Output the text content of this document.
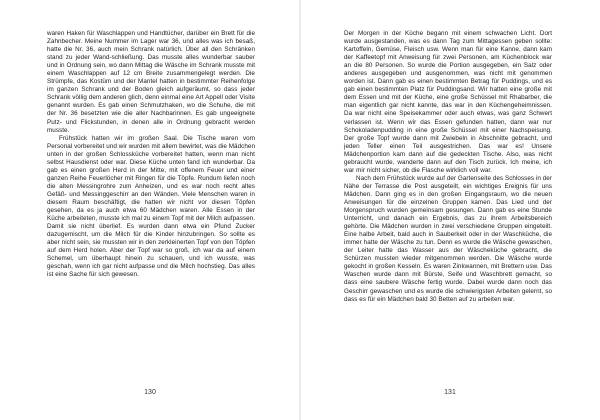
waren Haken für Waschlappen und Handtücher, darüber ein Brett für die Zahnbecher. Meine Nummer im Lager war 36, und alles was ich besaß, hatte die Nr. 36, auch mein Schrank natürlich. Über all den Schränken stand zu jeder Wand-schließung. Das musste alles wunderbar sauber und in Ordnung sein, wo dann Mittag die Wäsche im Schrank musste mit einem Waschlappen auf 12 cm Breite zusammengelegt werden. Die Strümpfe, das Kostüm und der Mantel hatten in bestimmter Reihenfolge im ganzen Schrank und der Boden gleich aufgeräumt, so dass jeder Schrank völlig dem anderen glich, denn einmal eine Art Appell oder Visite genannt wurden. Es gab einen Schmutzhaken, wo die Schuhe, die mit der Nr. 36 besetzten wie die aller Nachbarinnen. Es gab ungeeignete Putz- und Flickstunden, in denen alle in Ordnung gebracht werden musste.

Frühstück hatten wir im großen Saal. Die Tische waren vom Personal vorbereitet und wir wurden mit allem bewirtet, was die Mädchen unten in der großen Schlossküche vorbereitet hatten, wenn man nicht selbst Hausdienst oder war. Diese Küche unten fand ich wunderbar. Da gab es einen großen Herd in der Mitte, mit offenem Feuer und einer ganzen Reihe Feuerlöcher mit Ringen für die Töpfe. Rundum liefen noch die alten Messingrohre zum Anheizen, und es war noch recht altes Gefäß- und Messinggeschirr an den Wänden. Viele Menschen waren in diesem Raum beschäftigt, die hatten wir nicht vor diesen Töpfen gesehen, da es ja auch etwa 60 Mädchen waren. Alle Essen in der Küche arbeiteten, musste ich mal zu einem Topf mit der Milch aufpassen. Damit sie nicht überlief. Es wurden dann etwa ein Pfund Zucker dazugemischt, um die Milch für die Kinder hinzubringen. So sollte es aber nicht sein, sie mussten wir in den zerkleinerten Topf von den Töpfen auf dem Herd holen. Aber der Topf war so groß, ich war da auf einem Schemel, um überhaupt hinein zu schauen, und ich wusste, was geschah, wenn ich gar nicht aufpasse und die Milch hochstieg. Das alles ist eine Sache für sich gewesen.

130

Der Morgen in der Küche begann mit einem schwachen Licht. Dort wurde ausgestanden, was es dann Tag zum Mittagessen geben sollte: Kartoffeln, Gemüse, Fleisch usw. Wenn man für eine Kanne, dann kam der Kaffeetopf mit Anweisung für zwei Personen, am Küchenblock war an die 80 Personen. So wurde die Portion ausgegeben, ein Salz oder anderes ausgegeben und ausgenommen, was nicht mit genommen worden ist. Dann gab es einen bestimmten Betrag für Puddings, und es gab einen bestimmten Platz für Puddingsand. Wir hatten eine große mit dem Essen und mit der Küche, eine große Schüssel mit Rhabarber, die man eigentlich gar nicht kannte, das war in den Küchengeheimnissen. Da war nicht eine Speisekammer oder auch etwas, was ganz Schwert verlassen ist. Wenn wir das Essen gefunden hatten, dann war nur Schokoladenpudding in eine große Schüssel mit einer Nachspeisung. Der große Topf wurde dann mit Zwiebeln in Abschnitte gebracht, und jeden Teller einen Teil ausgestrichen. Das war es! Unsere Mädchenportion kam dann auf die gedeckten Tische. Also, was nicht gebraucht wurde, wanderte dann auf den Tisch zurück. Ich meine, ich war mir nicht sicher, ob die Flasche wirklich voll war.

Nach dem Frühstück wurde auf der Gartenseite des Schlosses in der Nähe der Terrasse die Post ausgeteilt, ein wichtiges Ereignis für uns Mädchen. Dann ging es in den großen Eingangsraum, wo die neuen Anweisungen für die einzelnen Gruppen kamen. Das Lied und der Morgenspruch wurden gemeinsam gesungen. Dann gab es eine Stunde Unterricht, und danach ein Ergebnis, das zu ihrem Arbeitsbereich gehörte. Die Mädchen wurden in zwei verschiedene Gruppen eingeteilt. Eine halbe Arbeit, bald auch in Sauberkeit oder in der Waschküche, die immer hatte der Wäsche zu tun. Denn es wurde die Wäsche gewaschen, der Leiter hatte das Wasser aus der Wäscheküche gebracht, die Schürzen mussten wieder mitgenommen werden. Die Wäsche wurde gekocht in großen Kesseln. Es waren Zinkwannen, mit Brettern usw. Das Waschen wurde dann mit Bürste, Seife und Waschbrett gemacht, so dass eine saubere Wäsche fertig wurde. Dabei wurde dann noch das Geschirr gewaschen und es wurde die schwierigsten Arbeiten gelernt, so dass es für ein Mädchen bald 30 Betten auf zu arbeiten war.

131
